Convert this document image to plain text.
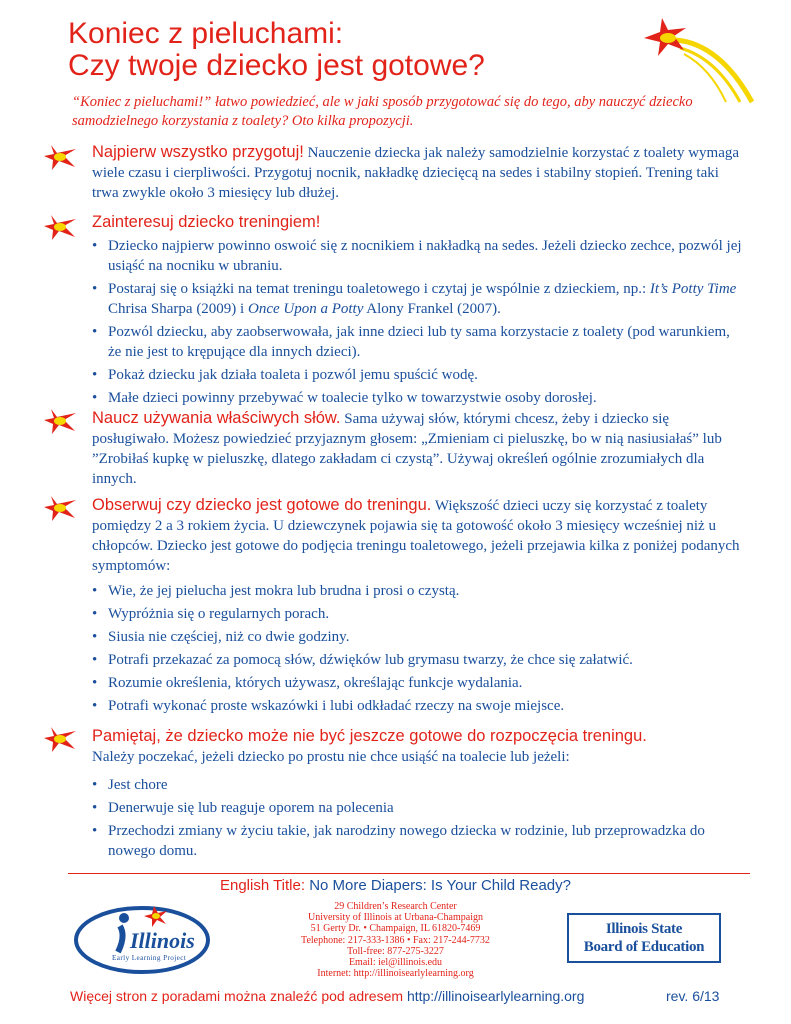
Koniec z pieluchami:
Czy twoje dziecko jest gotowe?

“Koniec z pieluchami!” łatwo powiedzieć, ale w jaki sposób przygotować się do tego, aby nauczyć dziecko samodzielnego korzystania z toalety? Oto kilka propozycji.

Najpierw wszystko przygotuj! Nauczenie dziecka jak należy samodzielnie korzystać z toalety wymaga wiele czasu i cierpliwości. Przygotuj nocnik, nakładkę dziecięcą na sedes i stabilny stopień. Trening taki trwa zwykle około 3 miesięcy lub dłużej.

Zainteresuj dziecko treningiem!

• Dziecko najpierw powinno oswoić się z nocnikiem i nakładką na sedes. Jeżeli dziecko zechce, pozwól jej usiąść na nocniku w ubraniu.
• Postaraj się o książki na temat treningu toaletowego i czytaj je wspólnie z dzieckiem, np.: It’s Potty Time Chrisa Sharpa (2009) i Once Upon a Potty Alony Frankel (2007).
• Pozwól dziecku, aby zaobserwowała, jak inne dzieci lub ty sama korzystacie z toalety (pod warunkiem, że nie jest to krępujące dla innych dzieci).
• Pokaż dziecku jak działa toaleta i pozwól jemu spuścić wodę.
• Małe dzieci powinny przebywać w toalecie tylko w towarzystwie osoby dorosłej.

Naucz używania właściwych słów. Sama używaj słów, którymi chcesz, żeby i dziecko się posługiwało. Możesz powiedzieć przyjaznym głosem: „Zmieniam ci pieluszkę, bo w nią nasiusiałaś” lub ”Zrobiłaś kupkę w pieluszkę, dlatego zakładam ci czystą”. Używaj określeń ogólnie zrozumiałych dla innych.

Obserwuj czy dziecko jest gotowe do treningu. Większość dzieci uczy się korzystać z toalety pomiędzy 2 a 3 rokiem życia. U dziewczynek pojawia się ta gotowość około 3 miesięcy wcześniej niż u chłopców. Dziecko jest gotowe do podjęcia treningu toaletowego, jeżeli przejawia kilka z poniżej podanych symptomów:

• Wie, że jej pielucha jest mokra lub brudna i prosi o czystą.
• Wypróżnia się o regularnych porach.
• Siusia nie częściej, niż co dwie godziny.
• Potrafi przekazać za pomocą słów, dźwięków lub grymasu twarzy, że chce się załatwić.
• Rozumie określenia, których używasz, określając funkcje wydalania.
• Potrafi wykonać proste wskazówki i lubi odkładać rzeczy na swoje miejsce.

Pamiętaj, że dziecko może nie być jeszcze gotowe do rozpoczęcia treningu.
Należy poczekać, jeżeli dziecko po prostu nie chce usiąść na toalecie lub jeżeli:

• Jest chore
• Denerwuje się lub reaguje oporem na polecenia
• Przechodzi zmiany w życiu takie, jak narodziny nowego dziecka w rodzinie, lub przeprowadzka do nowego domu.
English Title: No More Diapers: Is Your Child Ready?
Illinois
Early Learning Project
29 Children’s Research Center
University of Illinois at Urbana-Champaign
51 Gerty Dr. • Champaign, IL 61820-7469
Telephone: 217-333-1386 • Fax: 217-244-7732
Toll-free: 877-275-3227
Email: iel@illinois.edu
Internet: http://illinoisearlylearning.org
Illinois State
Board of Education
Więcej stron z poradami można znaleźć pod adresem http://illinoisearlylearning.org	rev. 6/13
